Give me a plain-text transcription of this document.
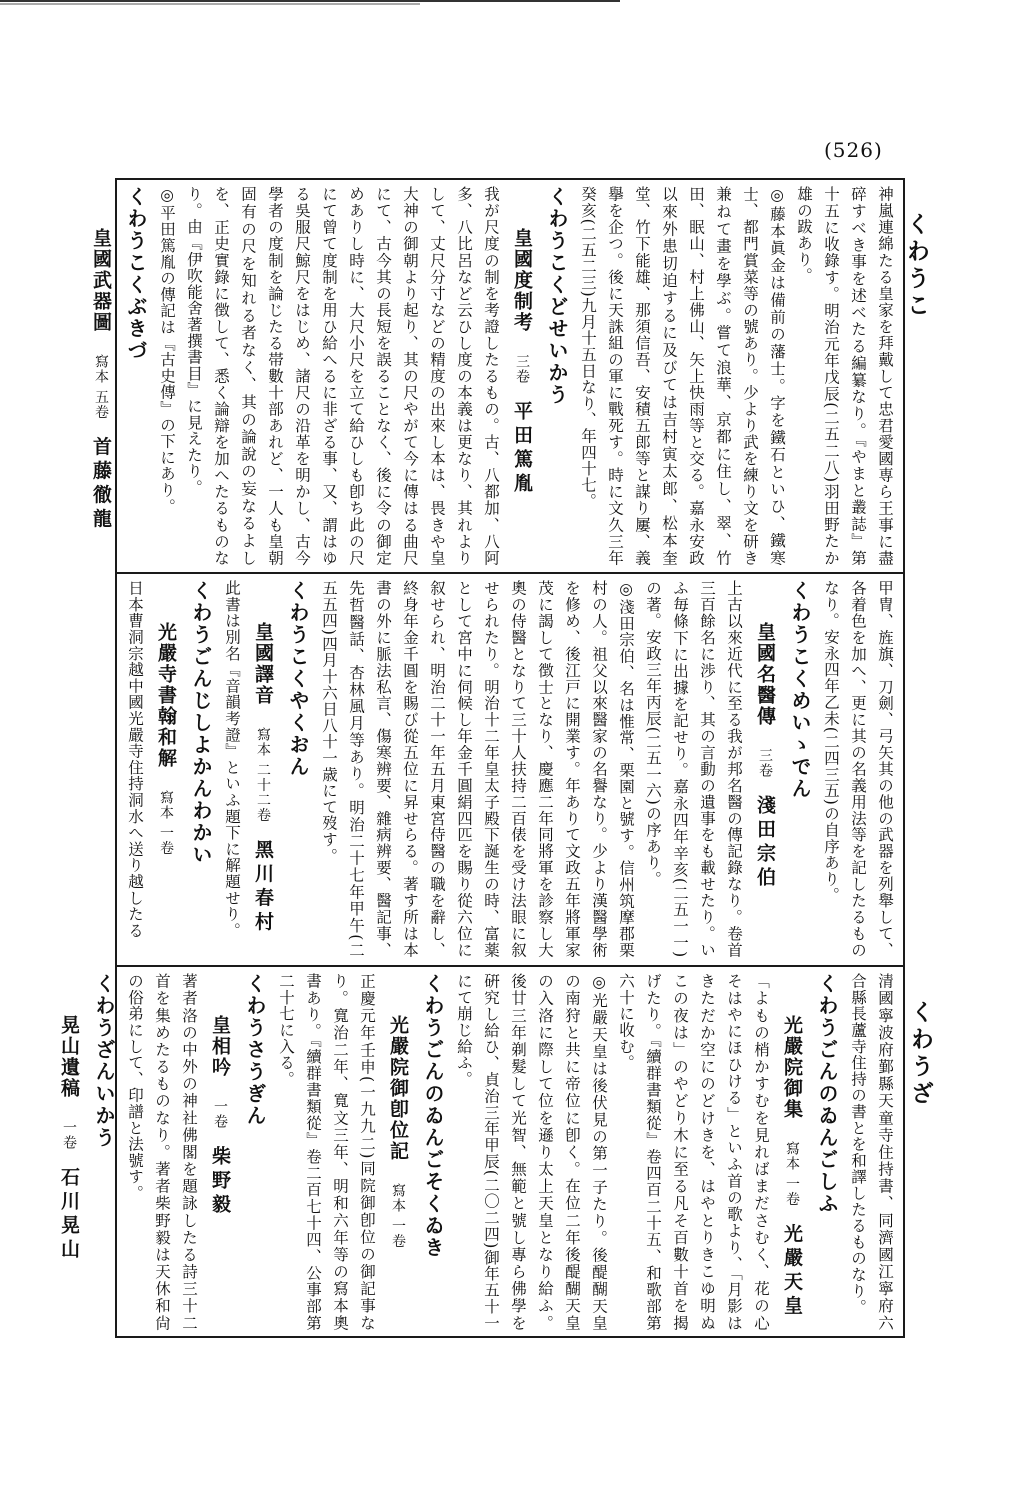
(526)
くわうこ
くわうざ

神嵐連綿たる皇家を拜戴して忠君愛國専ら王事に盡碎すべき事を述べたる編纂なり。『やまと叢誌』第十五に收錄す。明治元年戊辰(二五二八)羽田野たか雄の跋あり。

◎藤本眞金は備前の藩士。字を鐵石といひ、鐵寒士、都門賞菜等の號あり。少より武を練り文を研き兼ねて畫を學ぶ。嘗て浪華、京都に住し、翠、竹田、眠山、村上佛山、矢上快雨等と交る。嘉永安政以來外患切迫するに及びては吉村寅太郎、松本奎堂、竹下能雄、那須信吾、安積五郎等と謀り屢、義擧を企つ。後に天誅組の軍に戰死す。時に文久三年癸亥(二五二三)九月十五日なり、年四十七。

くわうこくどせいかう
皇國度制考三卷平田篤胤
我が尺度の制を考證したるもの。古、八都加、八阿多、八比呂など云ひし度の本義は更なり、其れより して、丈尺分寸などの精度の出來し本は、畏きや皇大神の御朝より起り、其の尺やがて今に傳はる曲尺にて、古今其の長短を誤ることなく、後に令の御定めありし時に、大尺小尺を立て給ひしも卽ち此の尺にて曾て度制を用ひ給へるに非ざる事、又、謂はゆる吳服尺鯨尺をはじめ、諸尺の沿革を明かし、古今學者の度制を論じたる帯數十部あれど、一人も皇朝固有の尺を知れる者なく、其の論說の妄なるよしを、正史實錄に徴して、悉く論辯を加へたるものなり。由『伊吹能舍著撰書目』に見えたり。

◎平田篤胤の傳記は『古史傳』の下にあり。

くわうこくぶきづ
皇國武器圖寫本 五卷首藤徹龍

甲冑、旌旗、刀劍、弓矢其の他の武器を列舉して、各着色を加へ、更に其の名義用法等を記したるものなり。安永四年乙未(二四三五)の自序あり。

くわうこくめいゝでん
皇國名醫傳三卷淺田宗伯
上古以來近代に至る我が邦名醫の傳記錄なり。卷首三百餘名に渉り、其の言動の遺事をも載せたり。いふ毎條下に出據を記せり。嘉永四年辛亥(二五一一)の著。安政三年丙辰(二五一六)の序あり。

◎淺田宗伯、名は惟常、栗園と號す。信州筑摩郡栗村の人。祖父以來醫家の名譽なり。少より漢醫學術を修め、後江戸に開業す。年ありて文政五年將軍家茂に謁して徴士となり、慶應二年同將軍を診察し大奧の侍醫となりて三十人扶持二百俵を受け法眼に叙せられたり。明治十二年皇太子殿下誕生の時、富薬として宮中に伺候し年金千圓絹四匹を賜り從六位に叙せられ、明治二十一年五月東宮侍醫の職を辭し、終身年金千圓を賜び從五位に昇せらる。著す所は本書の外に脈法私言、傷寒辨要、雜病辨要、醫記事、先哲醫話、杏林風月等あり。明治二十七年甲午(二五五四)四月十六日八十一歳にて歿す。

くわうこくやくおん
皇國譯音寫本 二十二卷黑川春村
此書は別名『音韻考證』といふ題下に解題せり。
くわうごんじしよかんわかい
光嚴寺書翰和解寫本 一卷
日本曹洞宗越中國光嚴寺住持洞水へ送り越したる

清國寧波府鄞縣天童寺住持書、同濟國江寧府六合縣長蘆寺住持の書とを和譯したるものなり。

くわうごんのゐんごしふ
光嚴院御集寫本 一卷光嚴天皇
「よもの梢かすむを見ればまださむく、花の心そはやにほひける」といふ首の歌より、「月影はきただか空にのどけきを、はやとりきこゆ明ぬこの夜は」のやどり木に至る凡そ百數十首を揭げたり。『續群書類從』卷四百二十五、和歌部第六十に收む。

◎光嚴天皇は後伏見の第一子たり。後醍醐天皇の南狩と共に帝位に卽く。在位二年後醍醐天皇の入洛に際して位を遜り太上天皇となり給ふ。後廿三年剃髮して光智、無範と號し專ら佛學を硏究し給ひ、貞治三年甲辰(二〇二四)御年五十一にて崩じ給ふ。

くわうごんのゐんごそくゐき
光嚴院御卽位記寫本 一卷
正慶元年壬申(一九九二)同院御卽位の御記事なり。寬治二年、寬文三年、明和六年等の寫本奧書あり。『續群書類從』卷二百七十四、公事部第二十七に入る。
くわうさうぎん
皇相吟一卷柴野毅
著者洛の中外の神社佛閣を題詠したる詩三十二首を集めたるものなり。著者柴野毅は天休和尙の俗弟にして、印譜と法號す。
くわうざんいかう
晃山遺稿一卷石川晃山
